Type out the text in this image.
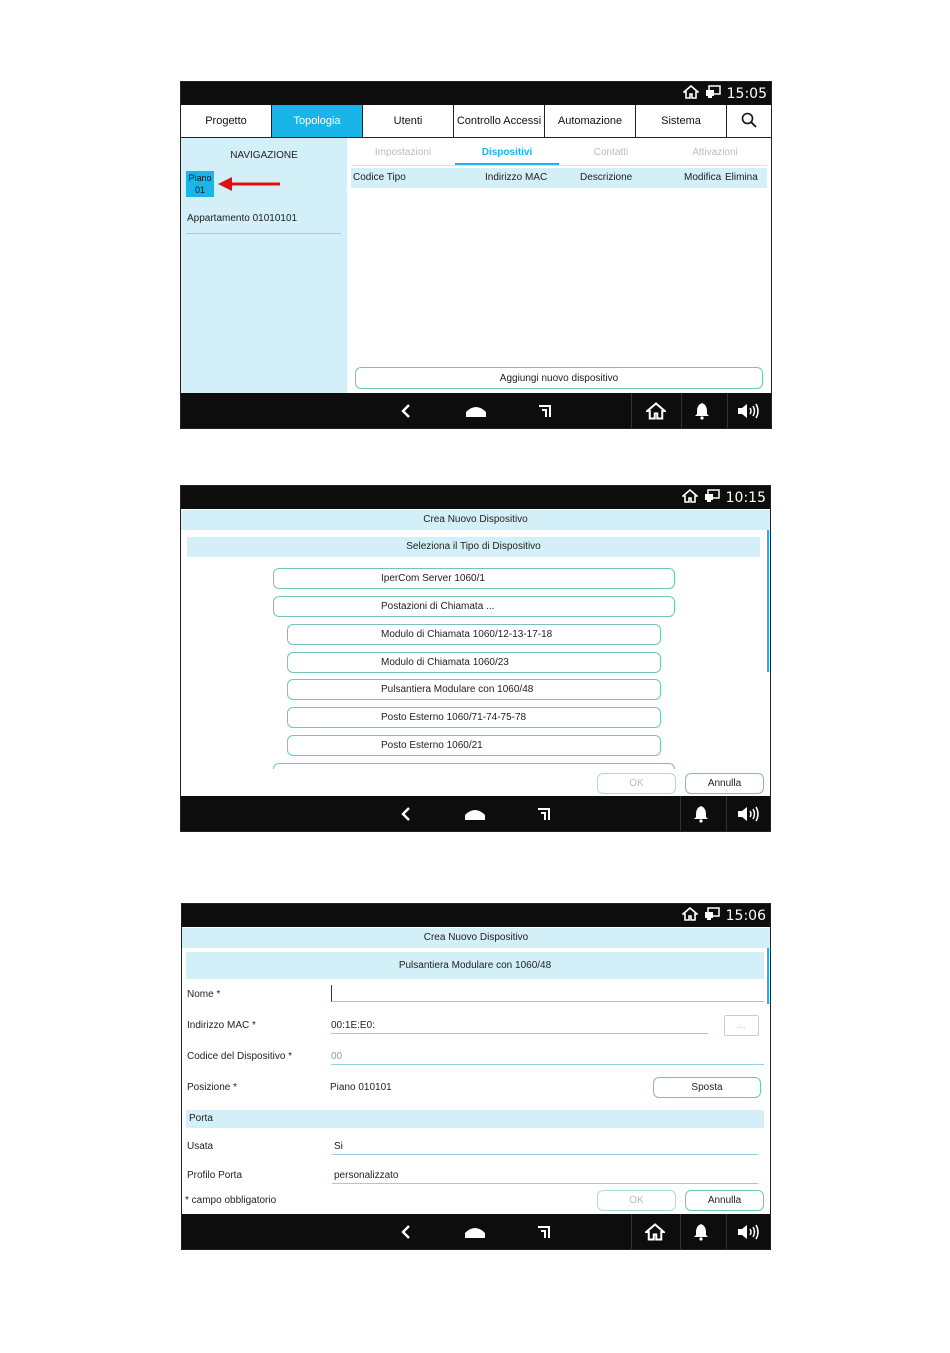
15:05
Progetto	Topologia	Utenti	Controllo Accessi	Automazione	Sistema
NAVIGAZIONE
Piano
01
Appartamento 01010101
Impostazioni	Dispositivi	Contatti	Attivazioni
Codice Tipo	Indirizzo MAC	Descrizione	Modifica Elimina
Aggiungi nuovo dispositivo
10:15
Crea Nuovo Dispositivo
Seleziona il Tipo di Dispositivo
IperCom Server 1060/1
Postazioni di Chiamata ...
Modulo di Chiamata 1060/12-13-17-18
Modulo di Chiamata 1060/23
Pulsantiera Modulare con 1060/48
Posto Esterno 1060/71-74-75-78
Posto Esterno 1060/21
OK	Annulla
15:06
Crea Nuovo Dispositivo
Pulsantiera Modulare con 1060/48
Nome *
Indirizzo MAC *	00:1E:E0:	...
Codice del Dispositivo *	00
Posizione *	Piano 010101	Sposta
Porta
Usata	Si
Profilo Porta	personalizzato
* campo obbligatorio	OK	Annulla
